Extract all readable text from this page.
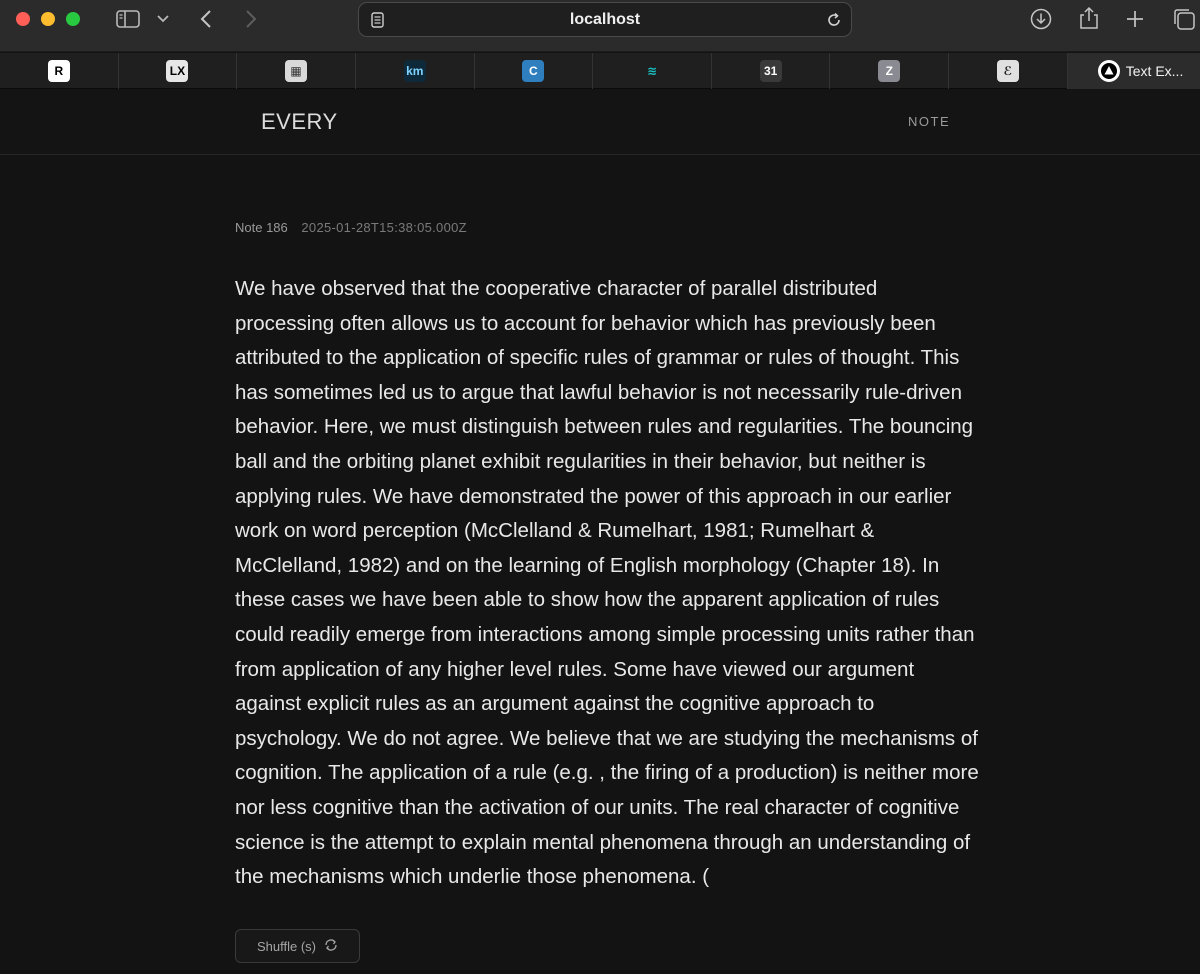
localhost
R	LX	▦	km	C	≋	31	Z	ℰ	Text Ex...
EVERY	NOTE
Note 186 2025-01-28T15:38:05.000Z
We have observed that the cooperative character of parallel distributed processing often allows us to account for behavior which has previously been attributed to the application of specific rules of grammar or rules of thought. This has sometimes led us to argue that lawful behavior is not necessarily rule-driven behavior. Here, we must distinguish between rules and regularities. The bouncing ball and the orbiting planet exhibit regularities in their behavior, but neither is applying rules. We have demonstrated the power of this approach in our earlier work on word perception (McClelland & Rumelhart, 1981; Rumelhart & McClelland, 1982) and on the learning of English morphology (Chapter 18). In these cases we have been able to show how the apparent application of rules could readily emerge from interactions among simple processing units rather than from application of any higher level rules. Some have viewed our argument against explicit rules as an argument against the cognitive approach to psychology. We do not agree. We believe that we are studying the mechanisms of cognition. The application of a rule (e.g. , the firing of a production) is neither more nor less cognitive than the activation of our units. The real character of cognitive science is the attempt to explain mental phenomena through an understanding of the mechanisms which underlie those phenomena. (
Shuffle (s)
